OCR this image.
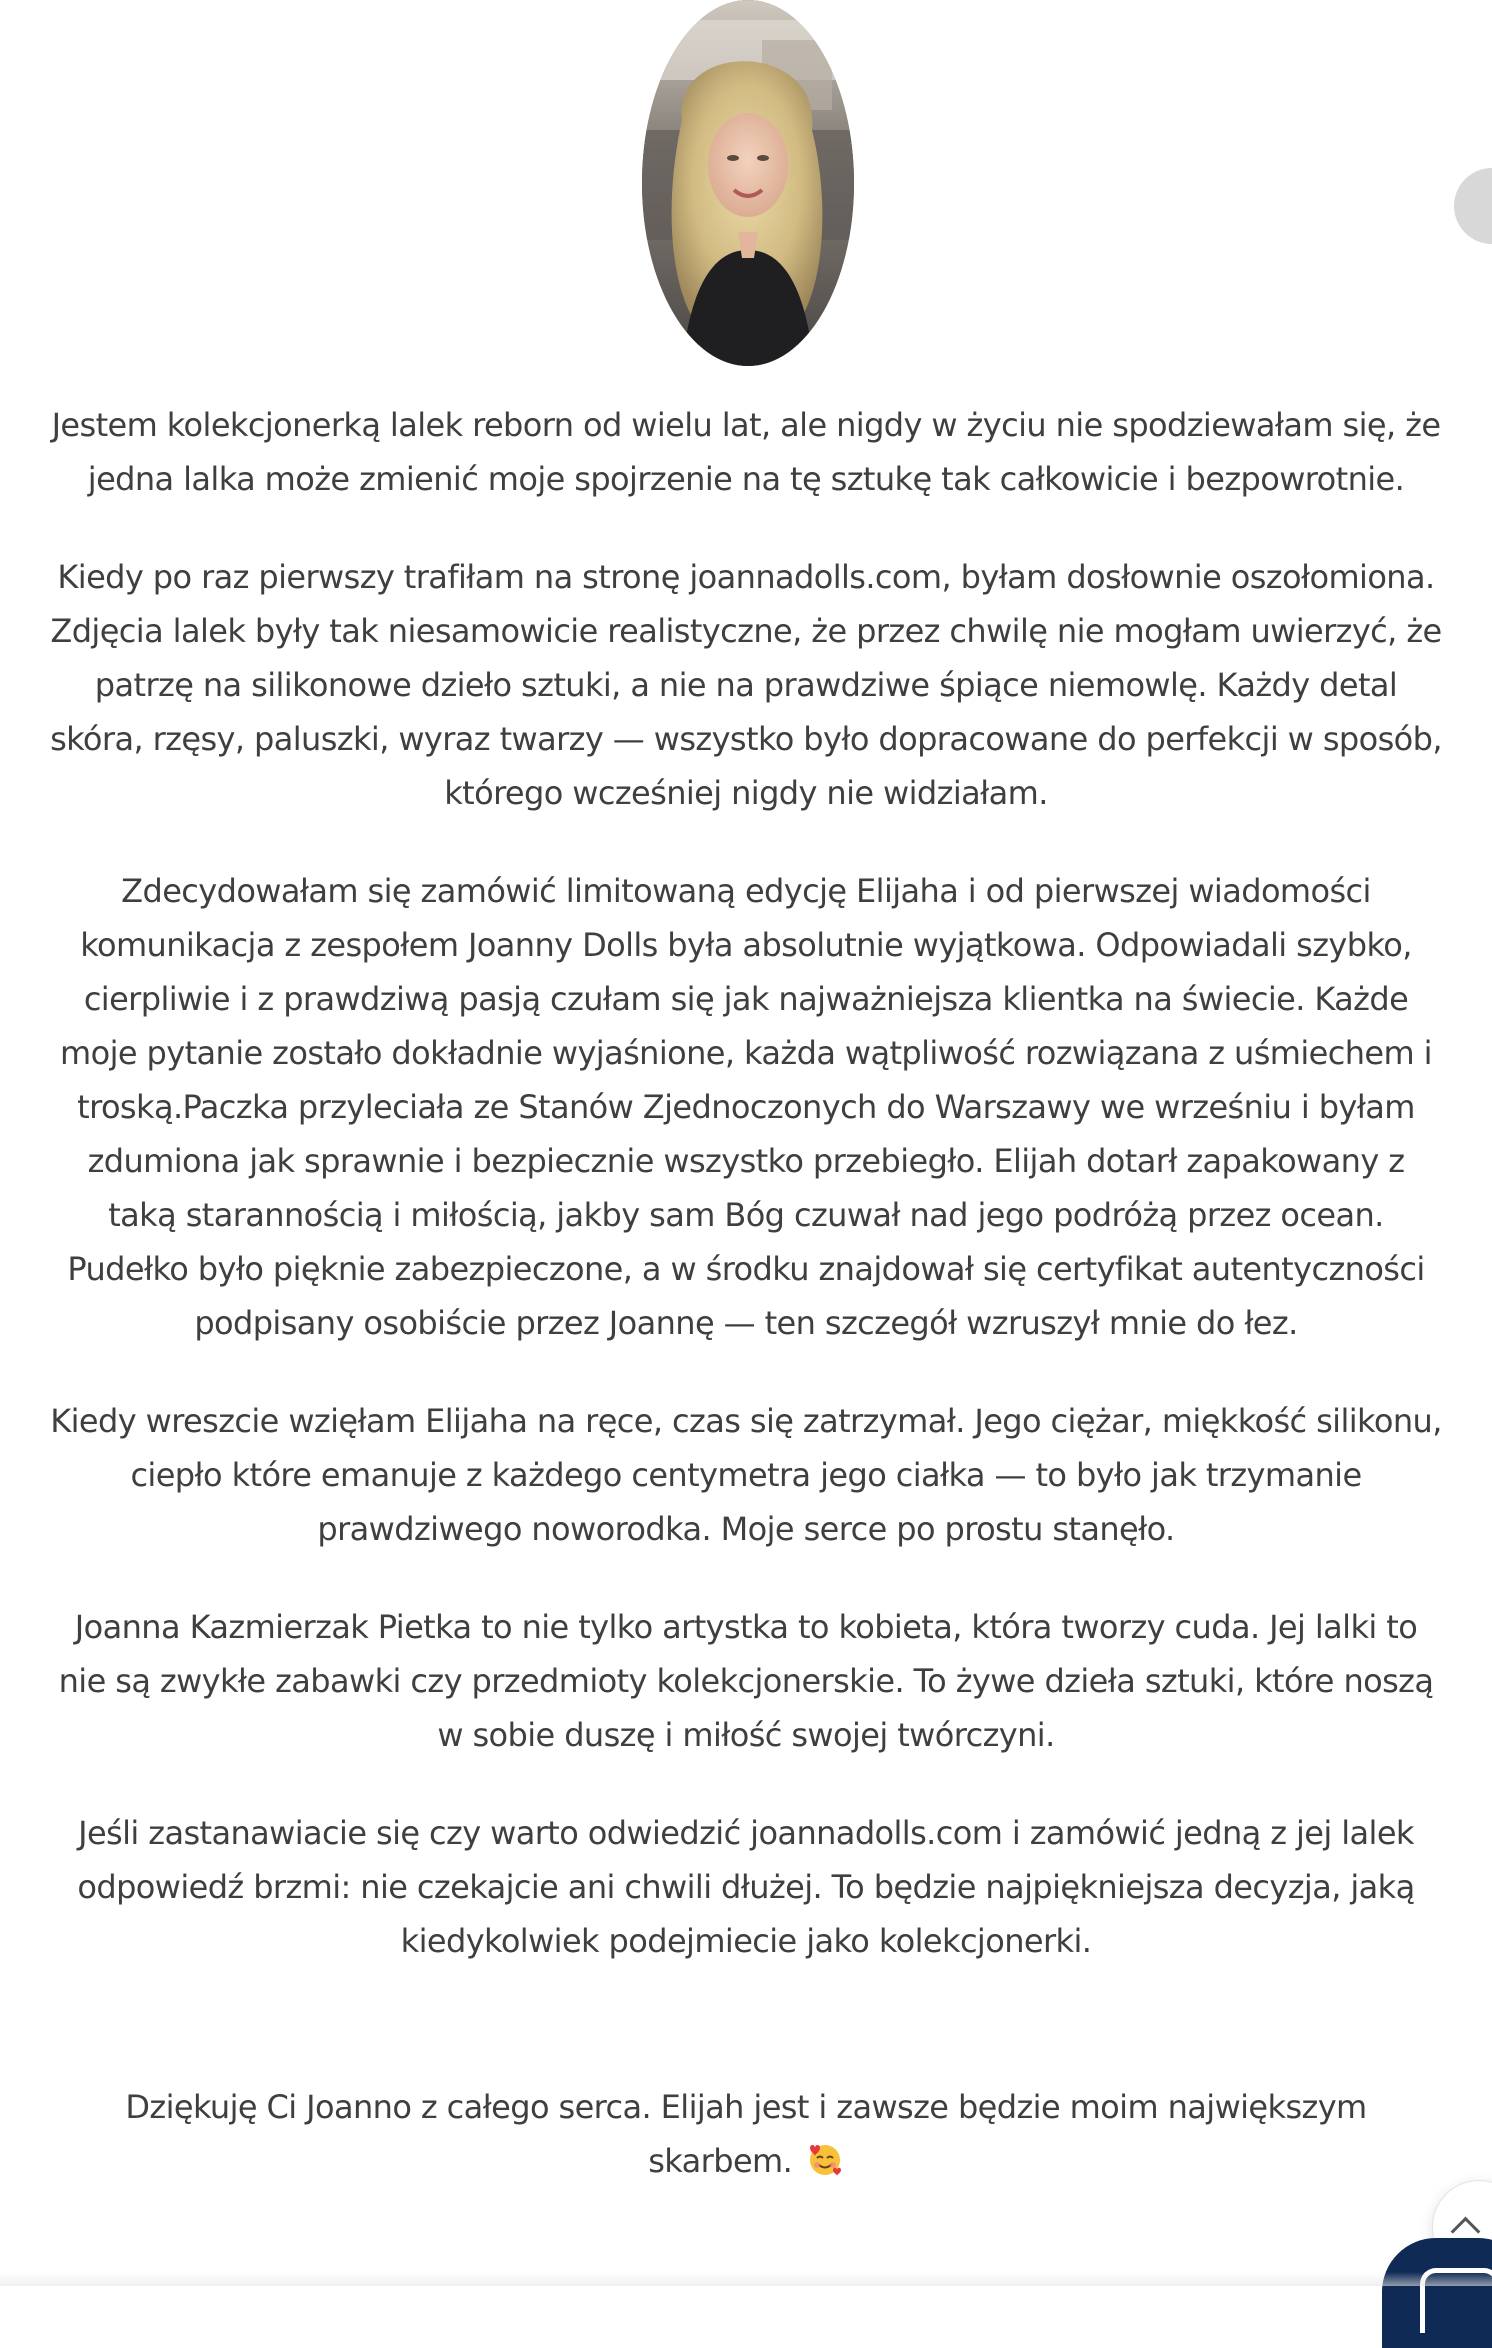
Jestem kolekcjonerką lalek reborn od wielu lat, ale nigdy w życiu nie spodziewałam się, że jedna lalka może zmienić moje spojrzenie na tę sztukę tak całkowicie i bezpowrotnie.

Kiedy po raz pierwszy trafiłam na stronę joannadolls.com, byłam dosłownie oszołomiona. Zdjęcia lalek były tak niesamowicie realistyczne, że przez chwilę nie mogłam uwierzyć, że patrzę na silikonowe dzieło sztuki, a nie na prawdziwe śpiące niemowlę. Każdy detal skóra, rzęsy, paluszki, wyraz twarzy — wszystko było dopracowane do perfekcji w sposób, którego wcześniej nigdy nie widziałam.

Zdecydowałam się zamówić limitowaną edycję Elijaha i od pierwszej wiadomości komunikacja z zespołem Joanny Dolls była absolutnie wyjątkowa. Odpowiadali szybko, cierpliwie i z prawdziwą pasją czułam się jak najważniejsza klientka na świecie. Każde moje pytanie zostało dokładnie wyjaśnione, każda wątpliwość rozwiązana z uśmiechem i troską.Paczka przyleciała ze Stanów Zjednoczonych do Warszawy we wrześniu i byłam zdumiona jak sprawnie i bezpiecznie wszystko przebiegło. Elijah dotarł zapakowany z taką starannością i miłością, jakby sam Bóg czuwał nad jego podróżą przez ocean. Pudełko było pięknie zabezpieczone, a w środku znajdował się certyfikat autentyczności podpisany osobiście przez Joannę — ten szczegół wzruszył mnie do łez.

Kiedy wreszcie wzięłam Elijaha na ręce, czas się zatrzymał. Jego ciężar, miękkość silikonu, ciepło które emanuje z każdego centymetra jego ciałka — to było jak trzymanie prawdziwego noworodka. Moje serce po prostu stanęło.

Joanna Kazmierzak Pietka to nie tylko artystka to kobieta, która tworzy cuda. Jej lalki to nie są zwykłe zabawki czy przedmioty kolekcjonerskie. To żywe dzieła sztuki, które noszą w sobie duszę i miłość swojej twórczyni.

Jeśli zastanawiacie się czy warto odwiedzić joannadolls.com i zamówić jedną z jej lalek odpowiedź brzmi: nie czekajcie ani chwili dłużej. To będzie najpiękniejsza decyzja, jaką kiedykolwiek podejmiecie jako kolekcjonerki.

Dziękuję Ci Joanno z całego serca. Elijah jest i zawsze będzie moim największym skarbem.
